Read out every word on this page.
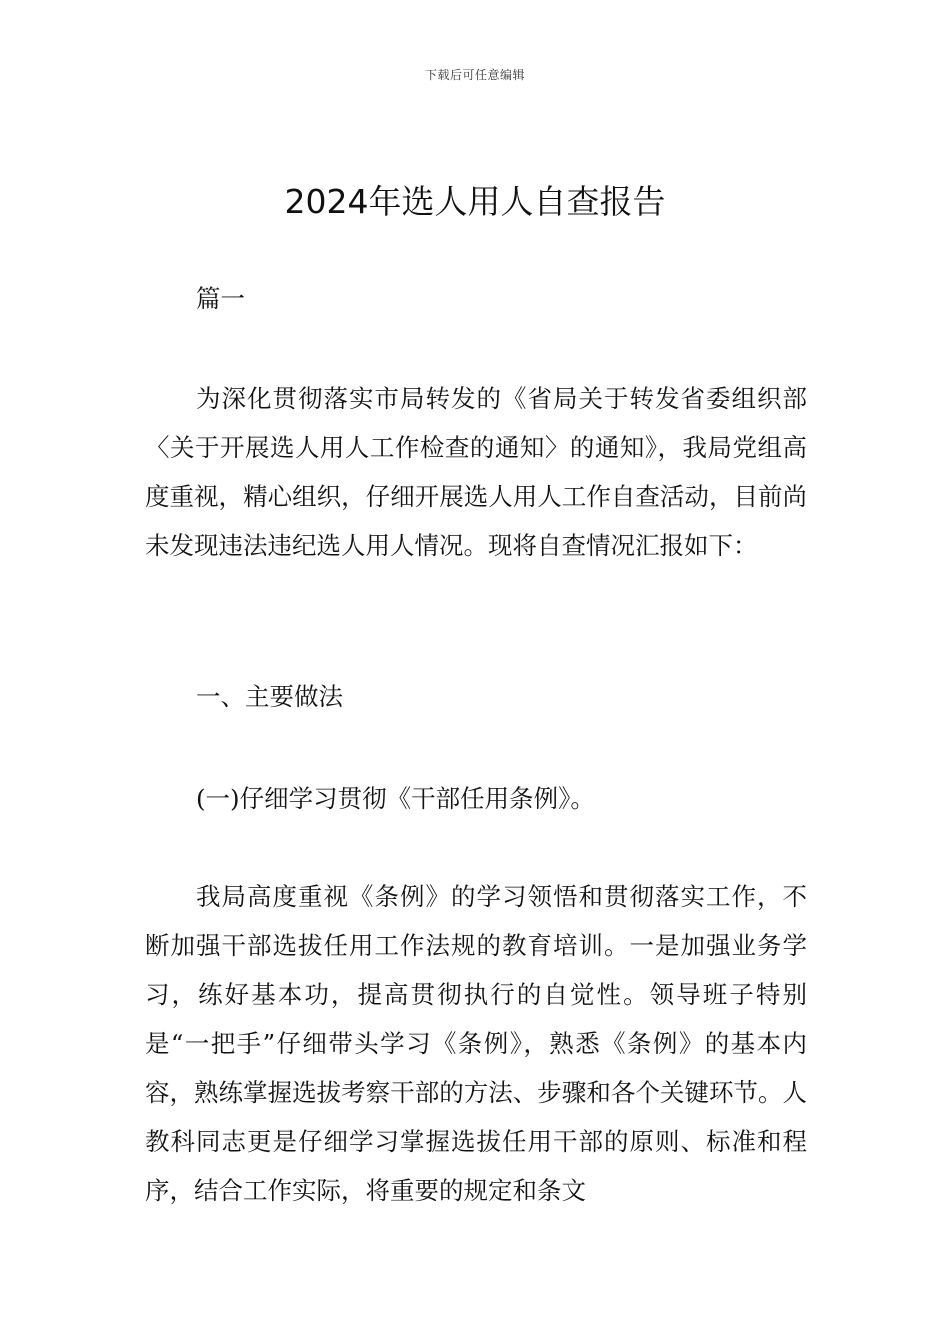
下载后可任意编辑
2024年选人用人自查报告

篇一

为深化贯彻落实市局转发的《省局关于转发省委组织部〈关于开展选人用人工作检查的通知〉的通知》，我局党组高度重视，精心组织，仔细开展选人用人工作自查活动，目前尚未发现违法违纪选人用人情况。现将自查情况汇报如下：

一、主要做法

(一)仔细学习贯彻《干部任用条例》。

我局高度重视《条例》的学习领悟和贯彻落实工作，不断加强干部选拔任用工作法规的教育培训。一是加强业务学习，练好基本功，提高贯彻执行的自觉性。领导班子特别是“一把手”仔细带头学习《条例》，熟悉《条例》的基本内容，熟练掌握选拔考察干部的方法、步骤和各个关键环节。人教科同志更是仔细学习掌握选拔任用干部的原则、标准和程序，结合工作实际，将重要的规定和条文
